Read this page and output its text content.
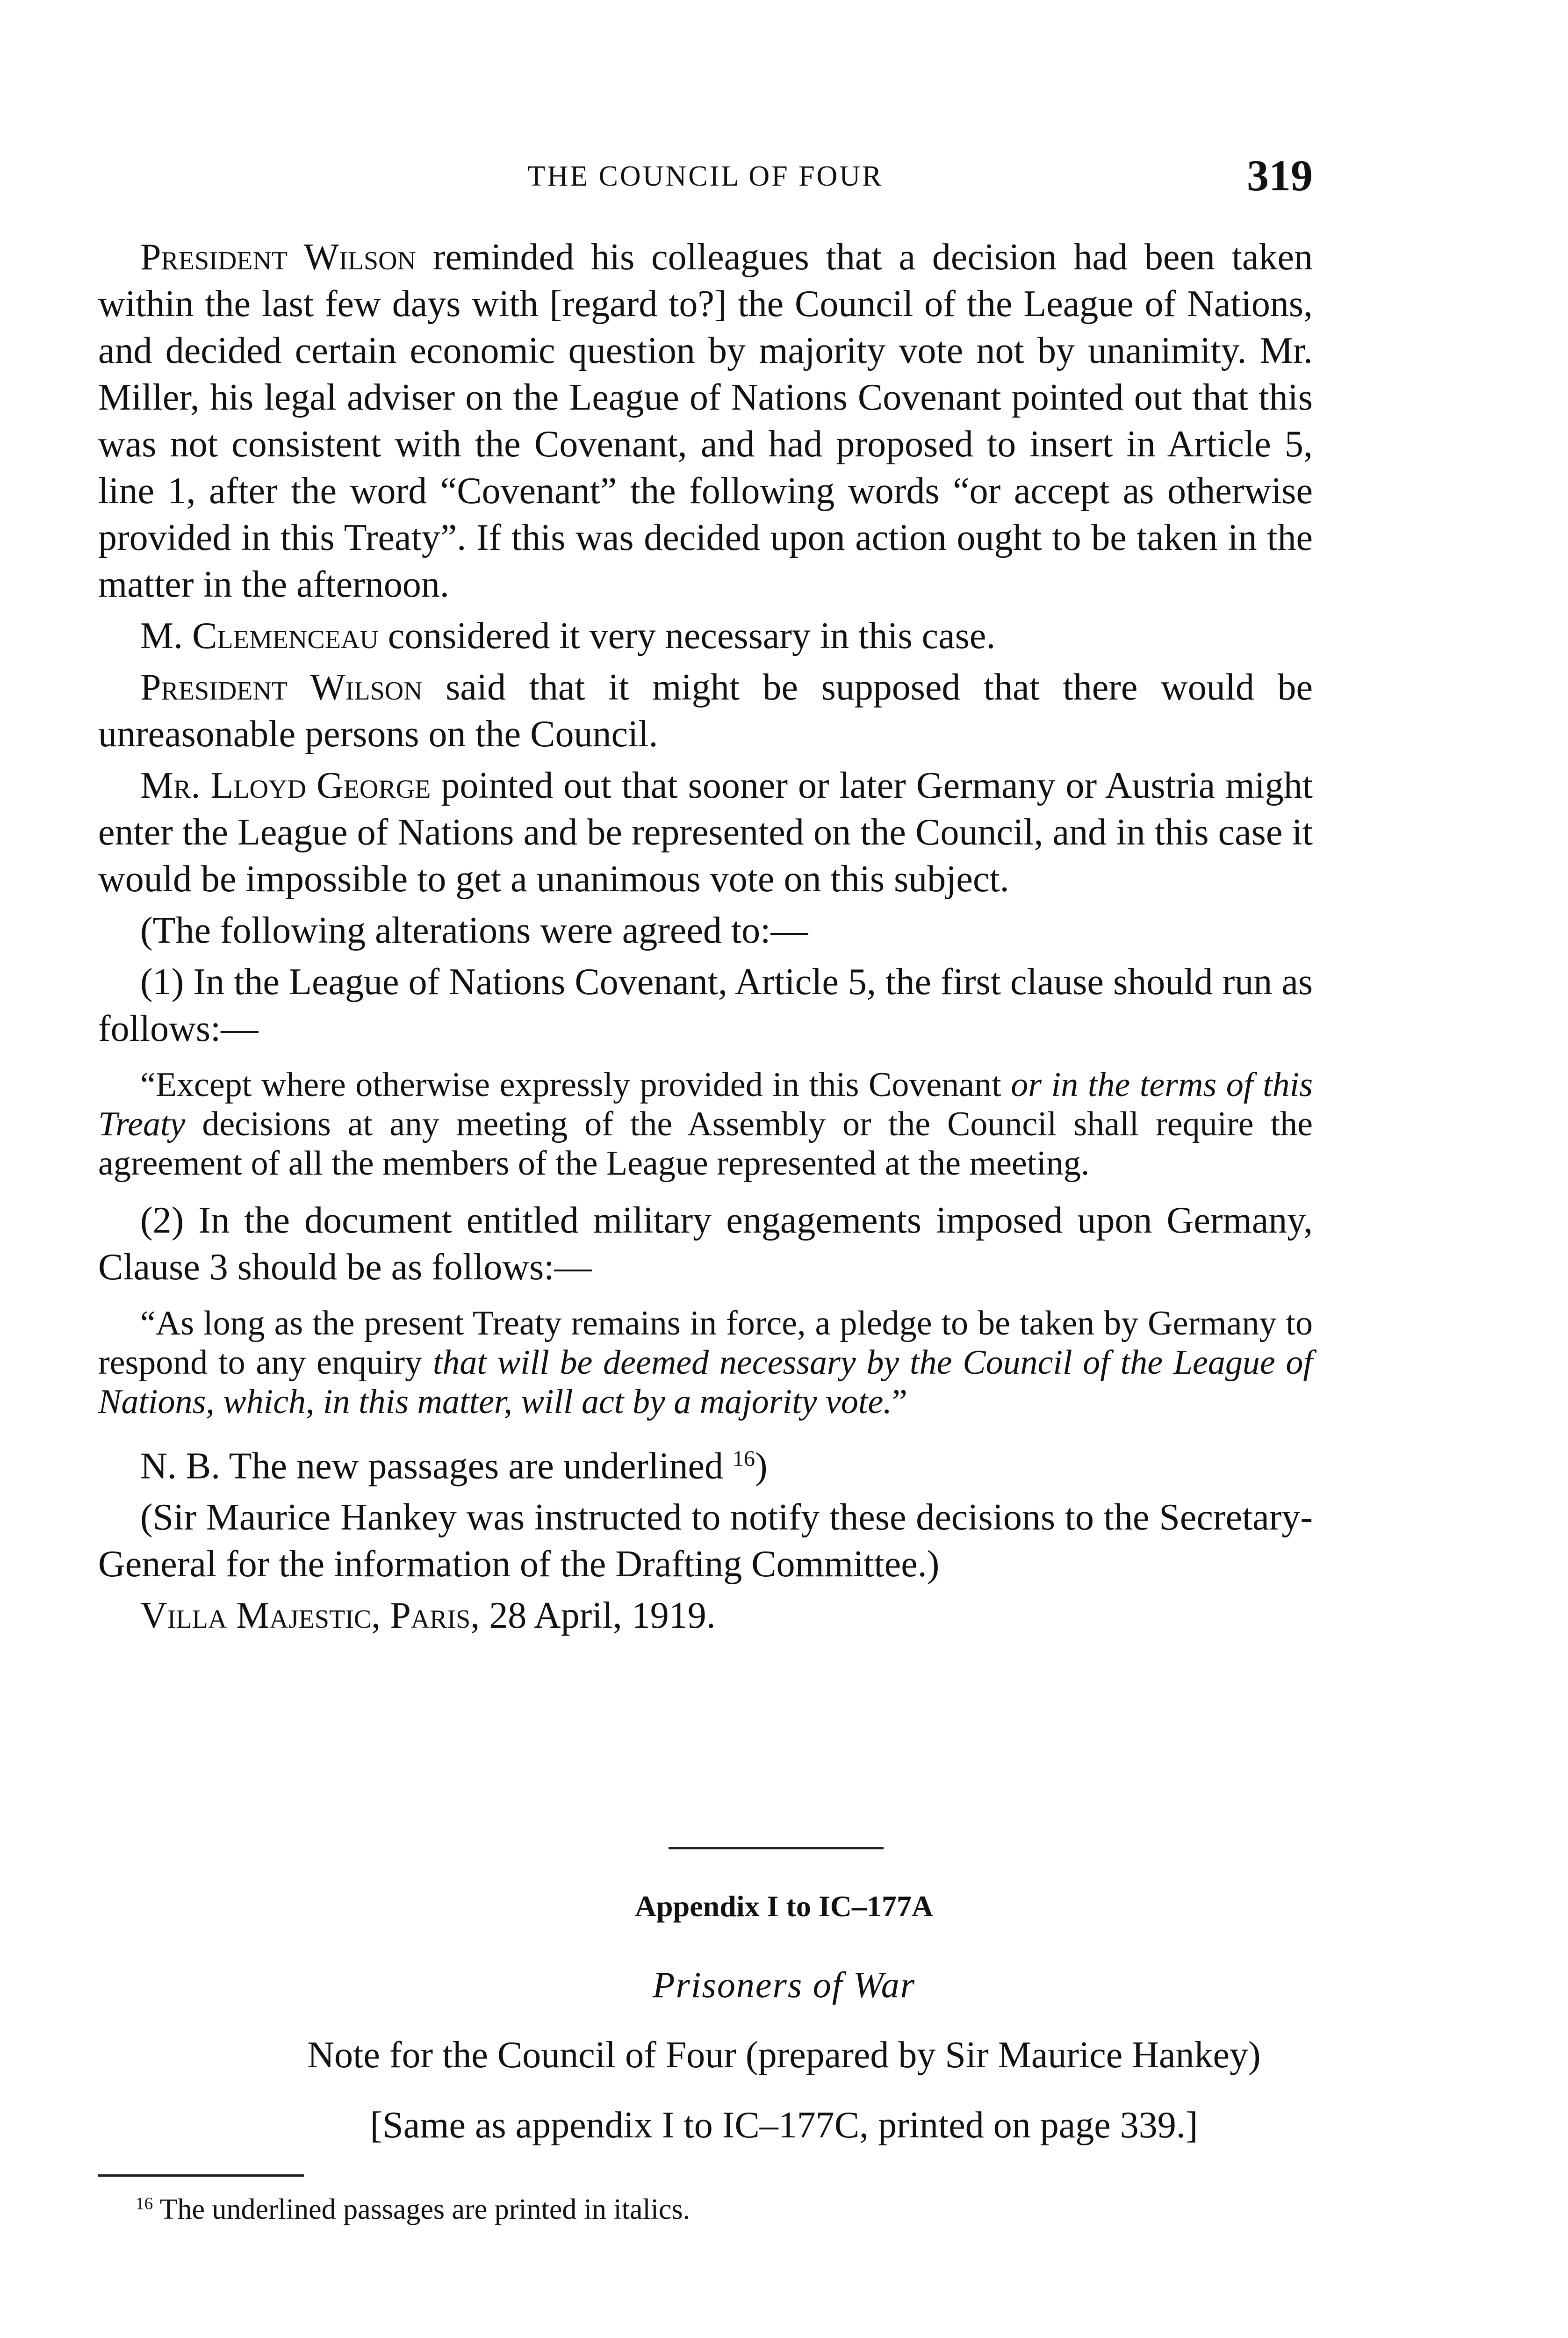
THE COUNCIL OF FOUR	319

President Wilson reminded his colleagues that a decision had been taken within the last few days with [regard to?] the Council of the League of Nations, and decided certain economic question by majority vote not by unanimity. Mr. Miller, his legal adviser on the League of Nations Covenant pointed out that this was not consistent with the Covenant, and had proposed to insert in Article 5, line 1, after the word “Covenant” the following words “or accept as otherwise provided in this Treaty”. If this was decided upon action ought to be taken in the matter in the afternoon.

M. Clemenceau considered it very necessary in this case.

President Wilson said that it might be supposed that there would be unreasonable persons on the Council.

Mr. Lloyd George pointed out that sooner or later Germany or Austria might enter the League of Nations and be represented on the Council, and in this case it would be impossible to get a unanimous vote on this subject.

(The following alterations were agreed to:—

(1) In the League of Nations Covenant, Article 5, the first clause should run as follows:—

“Except where otherwise expressly provided in this Covenant or in the terms of this Treaty decisions at any meeting of the Assembly or the Council shall require the agreement of all the members of the League represented at the meeting.

(2) In the document entitled military engagements imposed upon Germany, Clause 3 should be as follows:—

“As long as the present Treaty remains in force, a pledge to be taken by Germany to respond to any enquiry that will be deemed necessary by the Council of the League of Nations, which, in this matter, will act by a majority vote.”

N. B. The new passages are underlined $^{16}$)

(Sir Maurice Hankey was instructed to notify these decisions to the Secretary-General for the information of the Drafting Committee.)

Villa Majestic, Paris, 28 April, 1919.

Appendix I to IC–177A
Prisoners of War
Note for the Council of Four (prepared by Sir Maurice Hankey)
[Same as appendix I to IC–177C, printed on page 339.]
$^{16}$ The underlined passages are printed in italics.
